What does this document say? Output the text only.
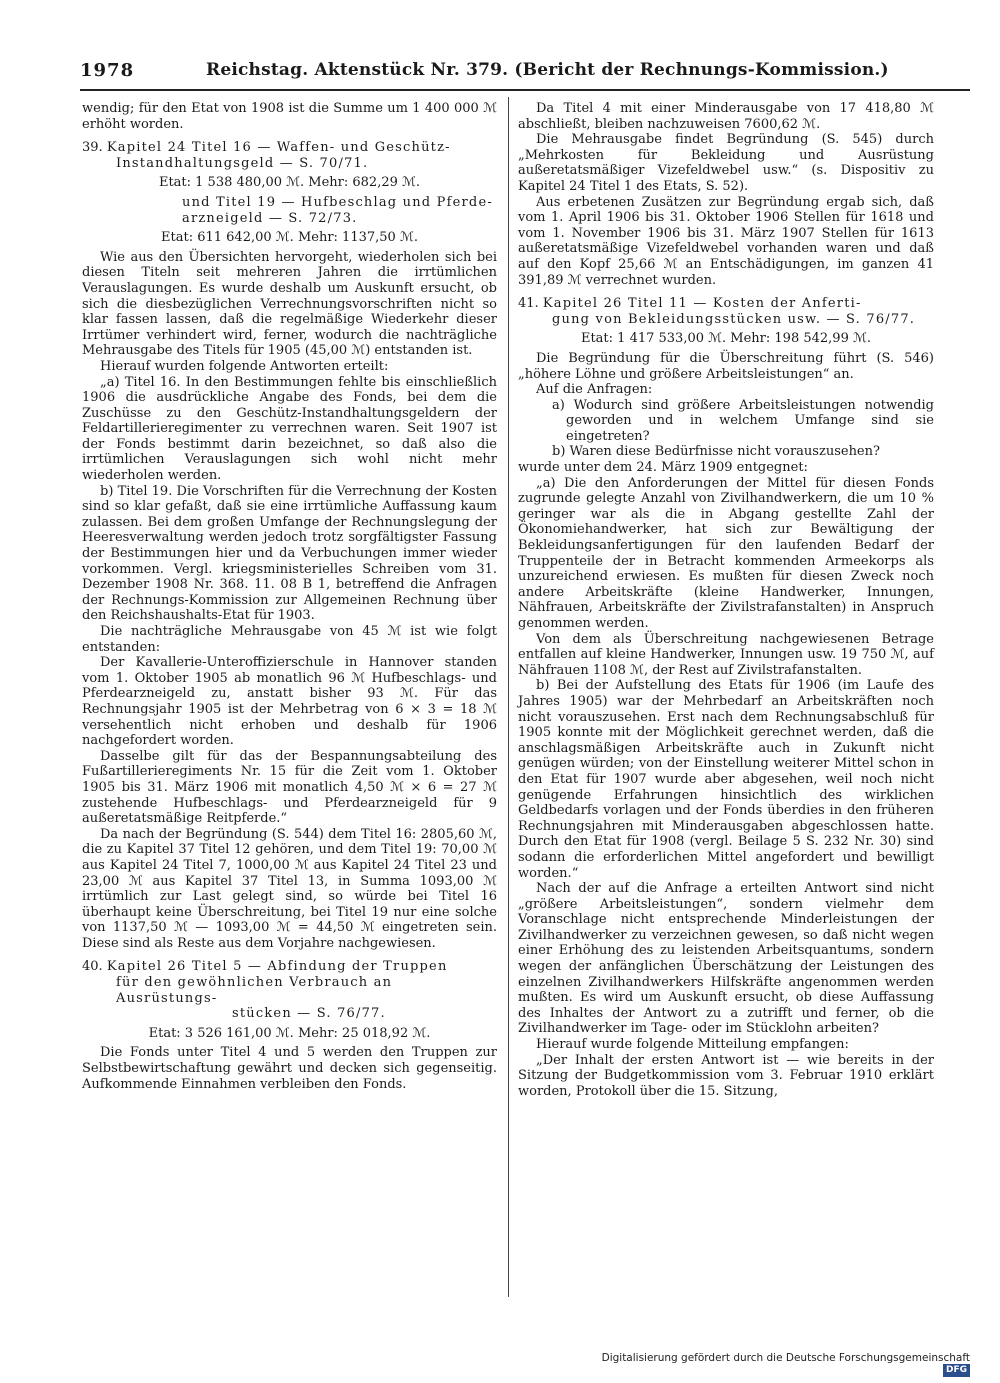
1978	Reichstag. Aktenstück Nr. 379. (Bericht der Rechnungs-Kommission.)

wendig; für den Etat von 1908 ist die Summe um 1 400 000 ℳ erhöht worden.

39. Kapitel 24 Titel 16 — Waffen- und Geschütz-
Instandhaltungsgeld — S. 70/71.

Etat: 1 538 480,00 ℳ. Mehr: 682,29 ℳ.

und Titel 19 — Hufbeschlag und Pferde-
arzneigeld — S. 72/73.

Etat: 611 642,00 ℳ. Mehr: 1137,50 ℳ.

Wie aus den Übersichten hervorgeht, wiederholen sich bei diesen Titeln seit mehreren Jahren die irrtümlichen Verauslagungen. Es wurde deshalb um Auskunft ersucht, ob sich die diesbezüglichen Verrechnungsvorschriften nicht so klar fassen lassen, daß die regelmäßige Wiederkehr dieser Irrtümer verhindert wird, ferner, wodurch die nachträgliche Mehrausgabe des Titels für 1905 (45,00 ℳ) entstanden ist.

Hierauf wurden folgende Antworten erteilt:

„a) Titel 16. In den Bestimmungen fehlte bis einschließlich 1906 die ausdrückliche Angabe des Fonds, bei dem die Zuschüsse zu den Geschütz-Instandhaltungsgeldern der Feldartillerieregimenter zu verrechnen waren. Seit 1907 ist der Fonds bestimmt darin bezeichnet, so daß also die irrtümlichen Verauslagungen sich wohl nicht mehr wiederholen werden.

b) Titel 19. Die Vorschriften für die Verrechnung der Kosten sind so klar gefaßt, daß sie eine irrtümliche Auffassung kaum zulassen. Bei dem großen Umfange der Rechnungslegung der Heeresverwaltung werden jedoch trotz sorgfältigster Fassung der Bestimmungen hier und da Verbuchungen immer wieder vorkommen. Vergl. kriegsministerielles Schreiben vom 31. Dezember 1908 Nr. 368. 11. 08 B 1, betreffend die Anfragen der Rechnungs-Kommission zur Allgemeinen Rechnung über den Reichshaushalts-Etat für 1903.

Die nachträgliche Mehrausgabe von 45 ℳ ist wie folgt entstanden:

Der Kavallerie-Unteroffizierschule in Hannover standen vom 1. Oktober 1905 ab monatlich 96 ℳ Hufbeschlags- und Pferdearzneigeld zu, anstatt bisher 93 ℳ. Für das Rechnungsjahr 1905 ist der Mehrbetrag von 6 × 3 = 18 ℳ versehentlich nicht erhoben und deshalb für 1906 nachgefordert worden.

Dasselbe gilt für das der Bespannungsabteilung des Fußartillerieregiments Nr. 15 für die Zeit vom 1. Oktober 1905 bis 31. März 1906 mit monatlich 4,50 ℳ × 6 = 27 ℳ zustehende Hufbeschlags- und Pferdearzneigeld für 9 außeretatsmäßige Reitpferde.“

Da nach der Begründung (S. 544) dem Titel 16: 2805,60 ℳ, die zu Kapitel 37 Titel 12 gehören, und dem Titel 19: 70,00 ℳ aus Kapitel 24 Titel 7, 1000,00 ℳ aus Kapitel 24 Titel 23 und 23,00 ℳ aus Kapitel 37 Titel 13, in Summa 1093,00 ℳ irrtümlich zur Last gelegt sind, so würde bei Titel 16 überhaupt keine Überschreitung, bei Titel 19 nur eine solche von 1137,50 ℳ — 1093,00 ℳ = 44,50 ℳ eingetreten sein. Diese sind als Reste aus dem Vorjahre nachgewiesen.

40. Kapitel 26 Titel 5 — Abfindung der Truppen
für den gewöhnlichen Verbrauch an Ausrüstungs-
stücken — S. 76/77.

Etat: 3 526 161,00 ℳ. Mehr: 25 018,92 ℳ.

Die Fonds unter Titel 4 und 5 werden den Truppen zur Selbstbewirtschaftung gewährt und decken sich gegenseitig. Aufkommende Einnahmen verbleiben den Fonds.

Da Titel 4 mit einer Minderausgabe von 17 418,80 ℳ abschließt, bleiben nachzuweisen 7600,62 ℳ.

Die Mehrausgabe findet Begründung (S. 545) durch „Mehrkosten für Bekleidung und Ausrüstung außeretatsmäßiger Vizefeldwebel usw.“ (s. Dispositiv zu Kapitel 24 Titel 1 des Etats, S. 52).

Aus erbetenen Zusätzen zur Begründung ergab sich, daß vom 1. April 1906 bis 31. Oktober 1906 Stellen für 1618 und vom 1. November 1906 bis 31. März 1907 Stellen für 1613 außeretatsmäßige Vizefeldwebel vorhanden waren und daß auf den Kopf 25,66 ℳ an Entschädigungen, im ganzen 41 391,89 ℳ verrechnet wurden.

41. Kapitel 26 Titel 11 — Kosten der Anferti-
gung von Bekleidungsstücken usw. — S. 76/77.

Etat: 1 417 533,00 ℳ. Mehr: 198 542,99 ℳ.

Die Begründung für die Überschreitung führt (S. 546) „höhere Löhne und größere Arbeitsleistungen“ an.

Auf die Anfragen:

a) Wodurch sind größere Arbeitsleistungen notwendig geworden und in welchem Umfange sind sie eingetreten?

b) Waren diese Bedürfnisse nicht vorauszusehen?

wurde unter dem 24. März 1909 entgegnet:

„a) Die den Anforderungen der Mittel für diesen Fonds zugrunde gelegte Anzahl von Zivilhandwerkern, die um 10 % geringer war als die in Abgang gestellte Zahl der Ökonomiehandwerker, hat sich zur Bewältigung der Bekleidungsanfertigungen für den laufenden Bedarf der Truppenteile der in Betracht kommenden Armeekorps als unzureichend erwiesen. Es mußten für diesen Zweck noch andere Arbeitskräfte (kleine Handwerker, Innungen, Nähfrauen, Arbeitskräfte der Zivilstrafanstalten) in Anspruch genommen werden.

Von dem als Überschreitung nachgewiesenen Betrage entfallen auf kleine Handwerker, Innungen usw. 19 750 ℳ, auf Nähfrauen 1108 ℳ, der Rest auf Zivilstrafanstalten.

b) Bei der Aufstellung des Etats für 1906 (im Laufe des Jahres 1905) war der Mehrbedarf an Arbeitskräften noch nicht vorauszusehen. Erst nach dem Rechnungsabschluß für 1905 konnte mit der Möglichkeit gerechnet werden, daß die anschlagsmäßigen Arbeitskräfte auch in Zukunft nicht genügen würden; von der Einstellung weiterer Mittel schon in den Etat für 1907 wurde aber abgesehen, weil noch nicht genügende Erfahrungen hinsichtlich des wirklichen Geldbedarfs vorlagen und der Fonds überdies in den früheren Rechnungsjahren mit Minderausgaben abgeschlossen hatte. Durch den Etat für 1908 (vergl. Beilage 5 S. 232 Nr. 30) sind sodann die erforderlichen Mittel angefordert und bewilligt worden.“

Nach der auf die Anfrage a erteilten Antwort sind nicht „größere Arbeitsleistungen“, sondern vielmehr dem Voranschlage nicht entsprechende Minderleistungen der Zivilhandwerker zu verzeichnen gewesen, so daß nicht wegen einer Erhöhung des zu leistenden Arbeitsquantums, sondern wegen der anfänglichen Überschätzung der Leistungen des einzelnen Zivilhandwerkers Hilfskräfte angenommen werden mußten. Es wird um Auskunft ersucht, ob diese Auffassung des Inhaltes der Antwort zu a zutrifft und ferner, ob die Zivilhandwerker im Tage- oder im Stücklohn arbeiten?

Hierauf wurde folgende Mitteilung empfangen:

„Der Inhalt der ersten Antwort ist — wie bereits in der Sitzung der Budgetkommission vom 3. Februar 1910 erklärt worden, Protokoll über die 15. Sitzung,

Digitalisierung gefördert durch die Deutsche Forschungsgemeinschaft DFG
